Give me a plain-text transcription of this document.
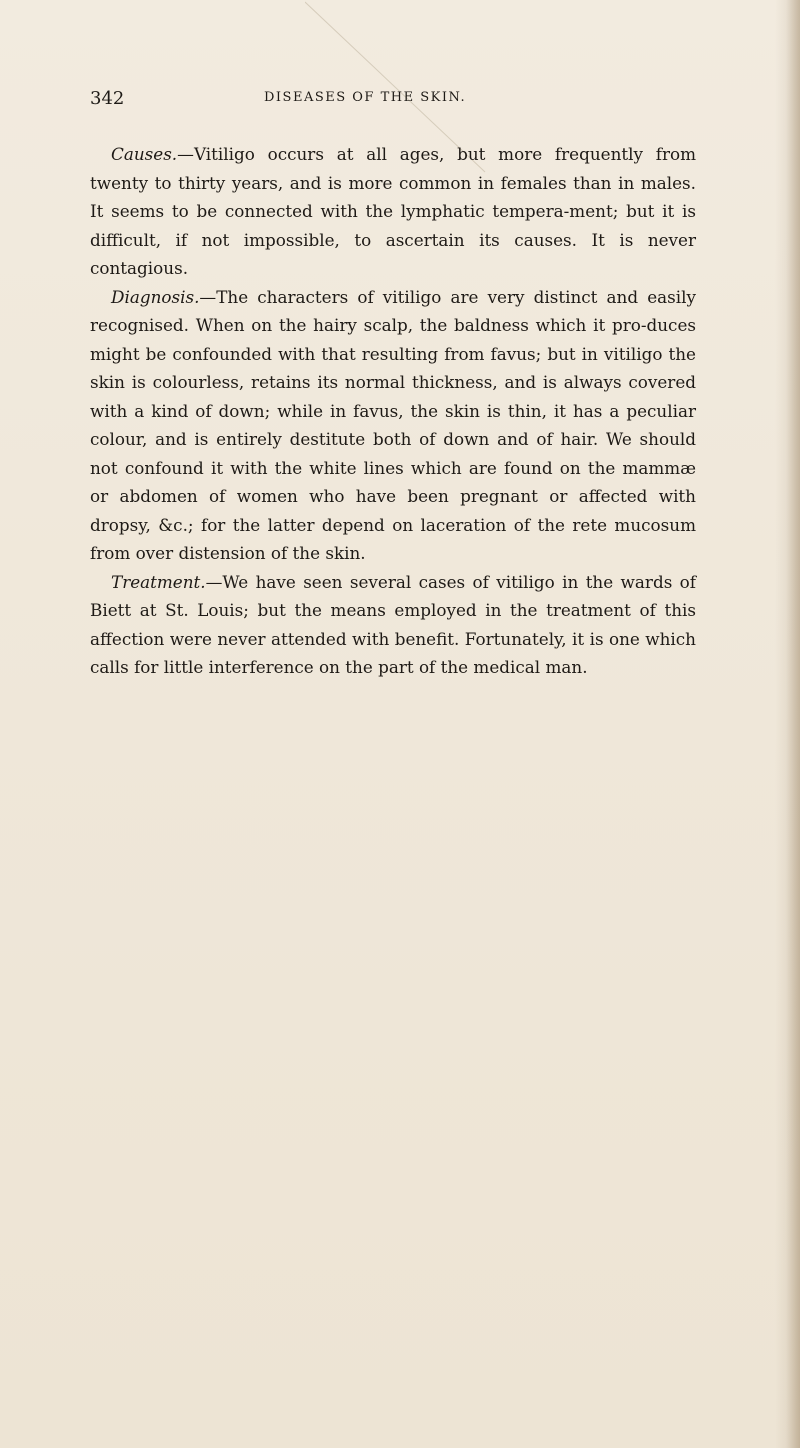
342	DISEASES OF THE SKIN.

Causes.—Vitiligo occurs at all ages, but more frequently from twenty to thirty years, and is more common in females than in males. It seems to be connected with the lymphatic tempera-ment; but it is difficult, if not impossible, to ascertain its causes. It is never contagious.

Diagnosis.—The characters of vitiligo are very distinct and easily recognised. When on the hairy scalp, the baldness which it pro-duces might be confounded with that resulting from favus; but in vitiligo the skin is colourless, retains its normal thickness, and is always covered with a kind of down; while in favus, the skin is thin, it has a peculiar colour, and is entirely destitute both of down and of hair. We should not confound it with the white lines which are found on the mammæ or abdomen of women who have been pregnant or affected with dropsy, &c.; for the latter depend on laceration of the rete mucosum from over distension of the skin.

Treatment.—We have seen several cases of vitiligo in the wards of Biett at St. Louis; but the means employed in the treatment of this affection were never attended with benefit. Fortunately, it is one which calls for little interference on the part of the medical man.
